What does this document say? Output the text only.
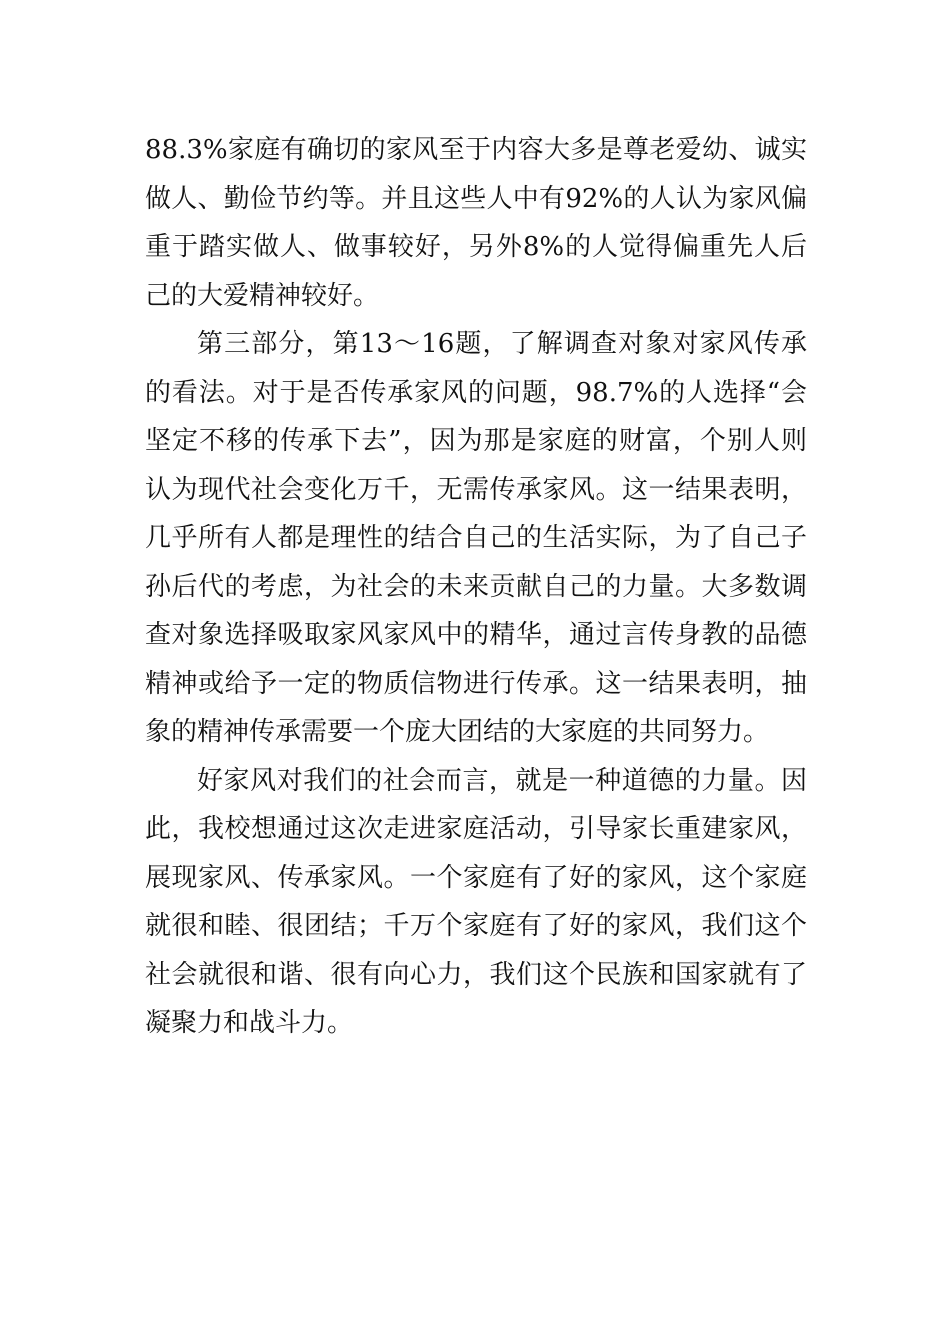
88.3%家庭有确切的家风至于内容大多是尊老爱幼、诚实做人、勤俭节约等。并且这些人中有92%的人认为家风偏重于踏实做人、做事较好，另外8%的人觉得偏重先人后己的大爱精神较好。

第三部分，第13～16题，了解调查对象对家风传承的看法。对于是否传承家风的问题，98.7%的人选择“会坚定不移的传承下去”，因为那是家庭的财富，个别人则认为现代社会变化万千，无需传承家风。这一结果表明，几乎所有人都是理性的结合自己的生活实际，为了自己子孙后代的考虑，为社会的未来贡献自己的力量。大多数调查对象选择吸取家风家风中的精华，通过言传身教的品德精神或给予一定的物质信物进行传承。这一结果表明，抽象的精神传承需要一个庞大团结的大家庭的共同努力。

好家风对我们的社会而言，就是一种道德的力量。因此，我校想通过这次走进家庭活动，引导家长重建家风，展现家风、传承家风。一个家庭有了好的家风，这个家庭就很和睦、很团结；千万个家庭有了好的家风，我们这个社会就很和谐、很有向心力，我们这个民族和国家就有了凝聚力和战斗力。
